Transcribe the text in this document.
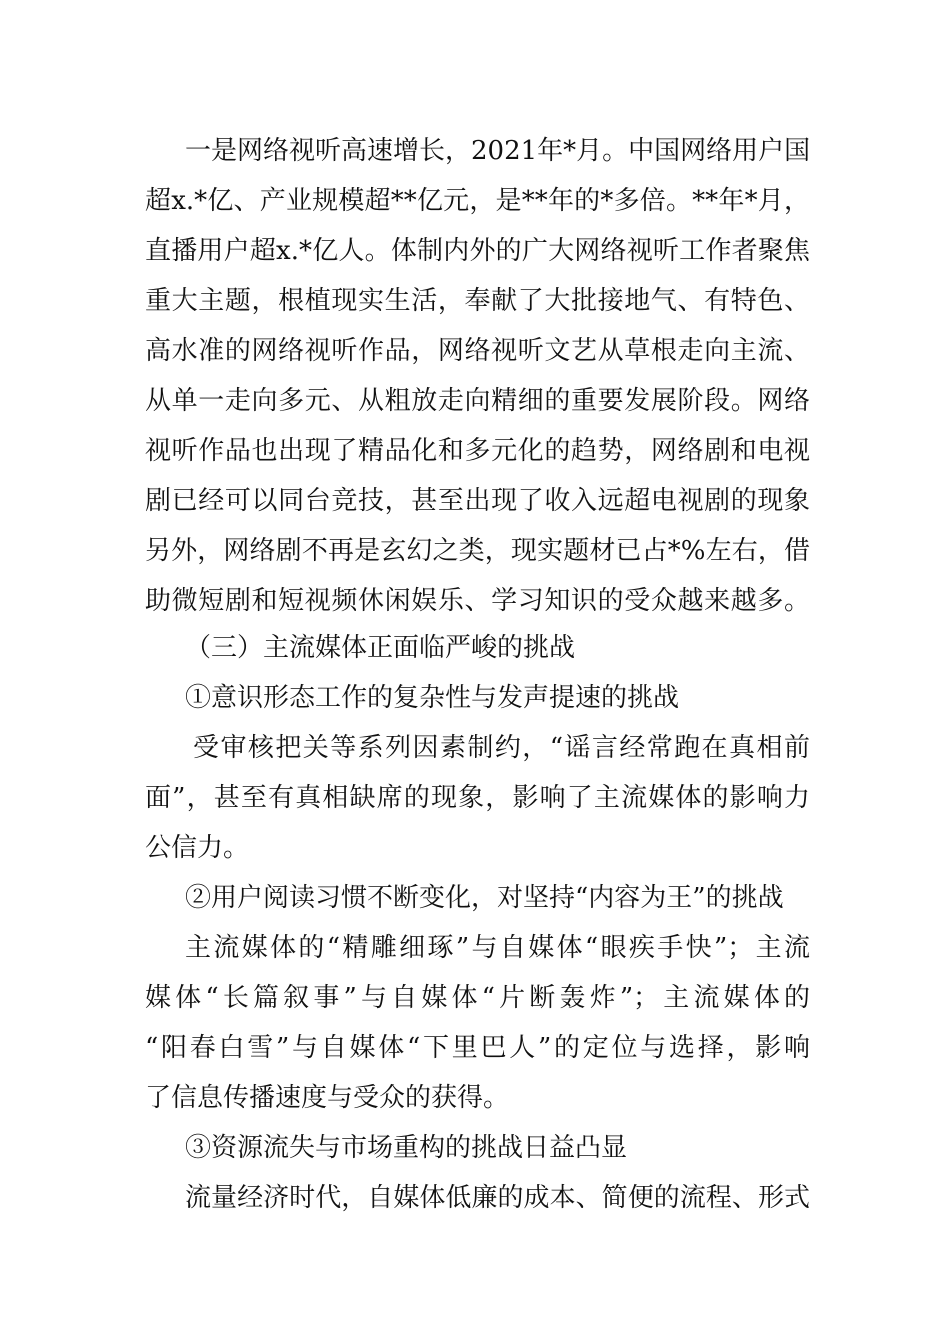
一是网络视听高速增长，2021年*月。中国网络用户国
超x.*亿、产业规模超**亿元，是**年的*多倍。**年*月，
直播用户超x.*亿人。体制内外的广大网络视听工作者聚焦
重大主题，根植现实生活，奉献了大批接地气、有特色、
高水准的网络视听作品，网络视听文艺从草根走向主流、
从单一走向多元、从粗放走向精细的重要发展阶段。网络
视听作品也出现了精品化和多元化的趋势，网络剧和电视
剧已经可以同台竞技，甚至出现了收入远超电视剧的现象
另外，网络剧不再是玄幻之类，现实题材已占*%左右，借
助微短剧和短视频休闲娱乐、学习知识的受众越来越多。
（三）主流媒体正面临严峻的挑战
①意识形态工作的复杂性与发声提速的挑战
受审核把关等系列因素制约，“谣言经常跑在真相前
面”，甚至有真相缺席的现象，影响了主流媒体的影响力
公信力。
②用户阅读习惯不断变化，对坚持“内容为王”的挑战
主流媒体的“精雕细琢”与自媒体“眼疾手快”；主流
媒体“长篇叙事”与自媒体“片断轰炸”；主流媒体的
“阳春白雪”与自媒体“下里巴人”的定位与选择，影响
了信息传播速度与受众的获得。
③资源流失与市场重构的挑战日益凸显
流量经济时代，自媒体低廉的成本、简便的流程、形式
